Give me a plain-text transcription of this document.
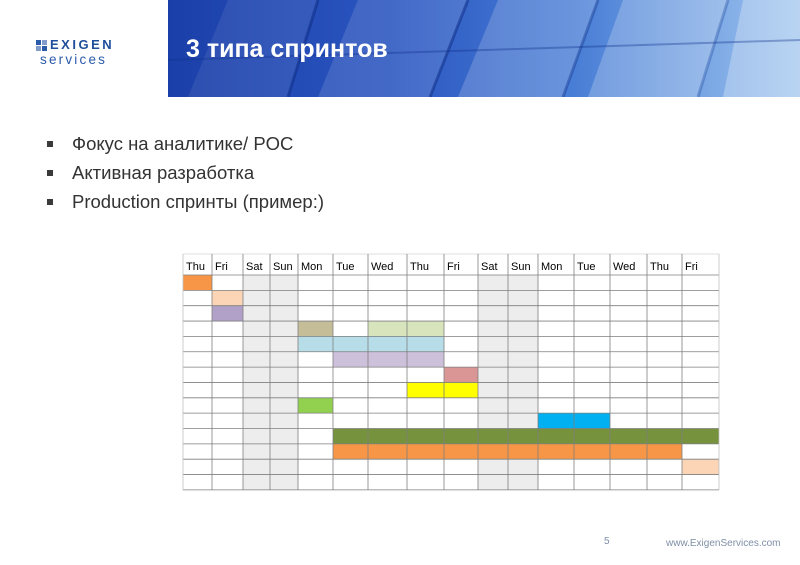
EXIGEN
services	3 типа спринтов
Фокус на аналитике/ POC
Активная разработка
Production спринты (пример:)
Thu Fri Sat Sun Mon Tue Wed Thu Fri Sat Sun Mon Tue Wed Thu Fri
5	www.ExigenServices.com
